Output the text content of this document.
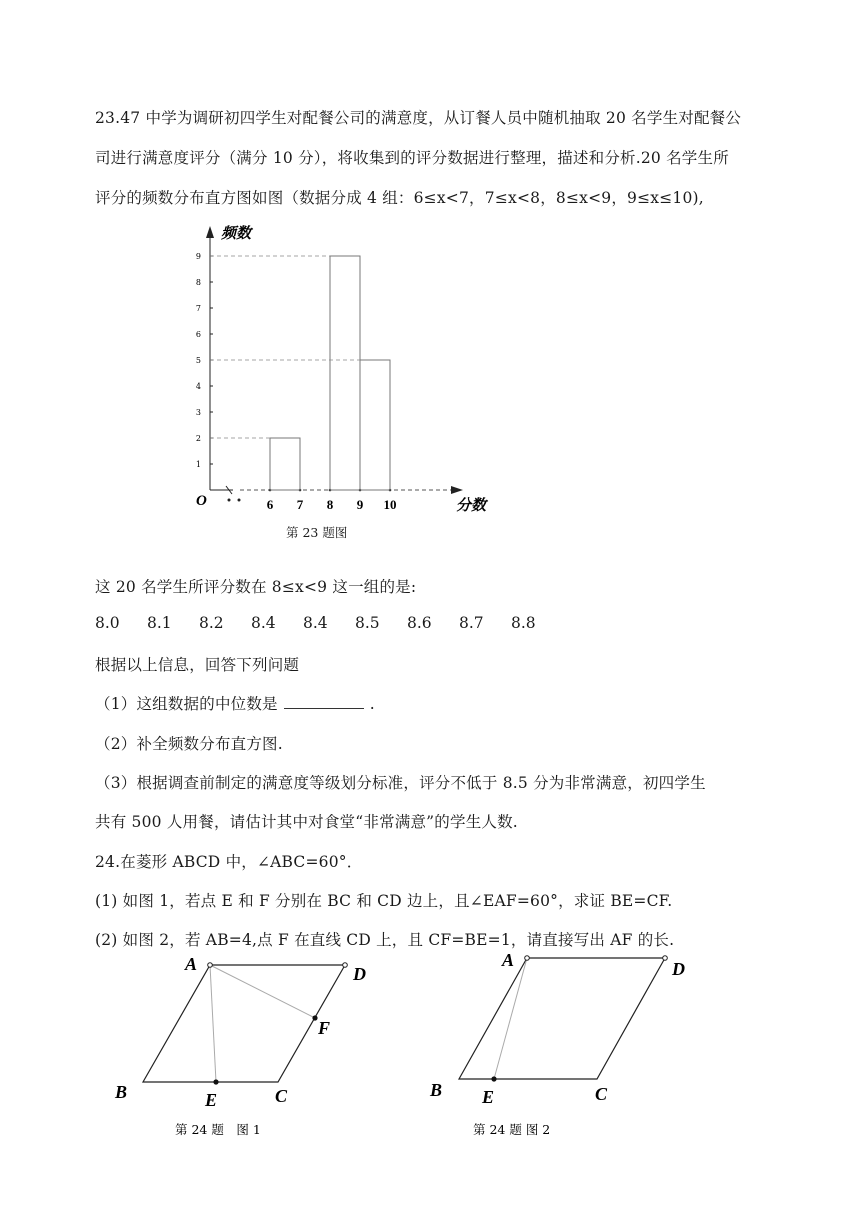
23.47 中学为调研初四学生对配餐公司的满意度，从订餐人员中随机抽取 20 名学生对配餐公
司进行满意度评分（满分 10 分），将收集到的评分数据进行整理，描述和分析.20 名学生所
评分的频数分布直方图如图（数据分成 4 组：6≤x<7，7≤x<8，8≤x<9，9≤x≤10),
1
2
3
4
5
6
7
8
9
6 7 8 9 10
O
频数
分数
第 23 题图
这 20 名学生所评分数在 8≤x<9 这一组的是:
8.0 8.1 8.2 8.4 8.4 8.5 8.6 8.7 8.8
根据以上信息，回答下列问题
（1）这组数据的中位数是	.
（2）补全频数分布直方图.
（3）根据调查前制定的满意度等级划分标准，评分不低于 8.5 分为非常满意，初四学生
共有 500 人用餐，请估计其中对食堂“非常满意”的学生人数.
24.在菱形 ABCD 中，∠ABC=60°．
(1) 如图 1，若点 E 和 F 分别在 BC 和 CD 边上，且∠EAF=60°，求证 BE=CF.
(2) 如图 2，若 AB=4,点 F 在直线 CD 上，且 CF=BE=1，请直接写出 AF 的长.
A	D
F
B	E	C
第 24 题　图 1
A	D
B E	C
第 24 题 图 2
